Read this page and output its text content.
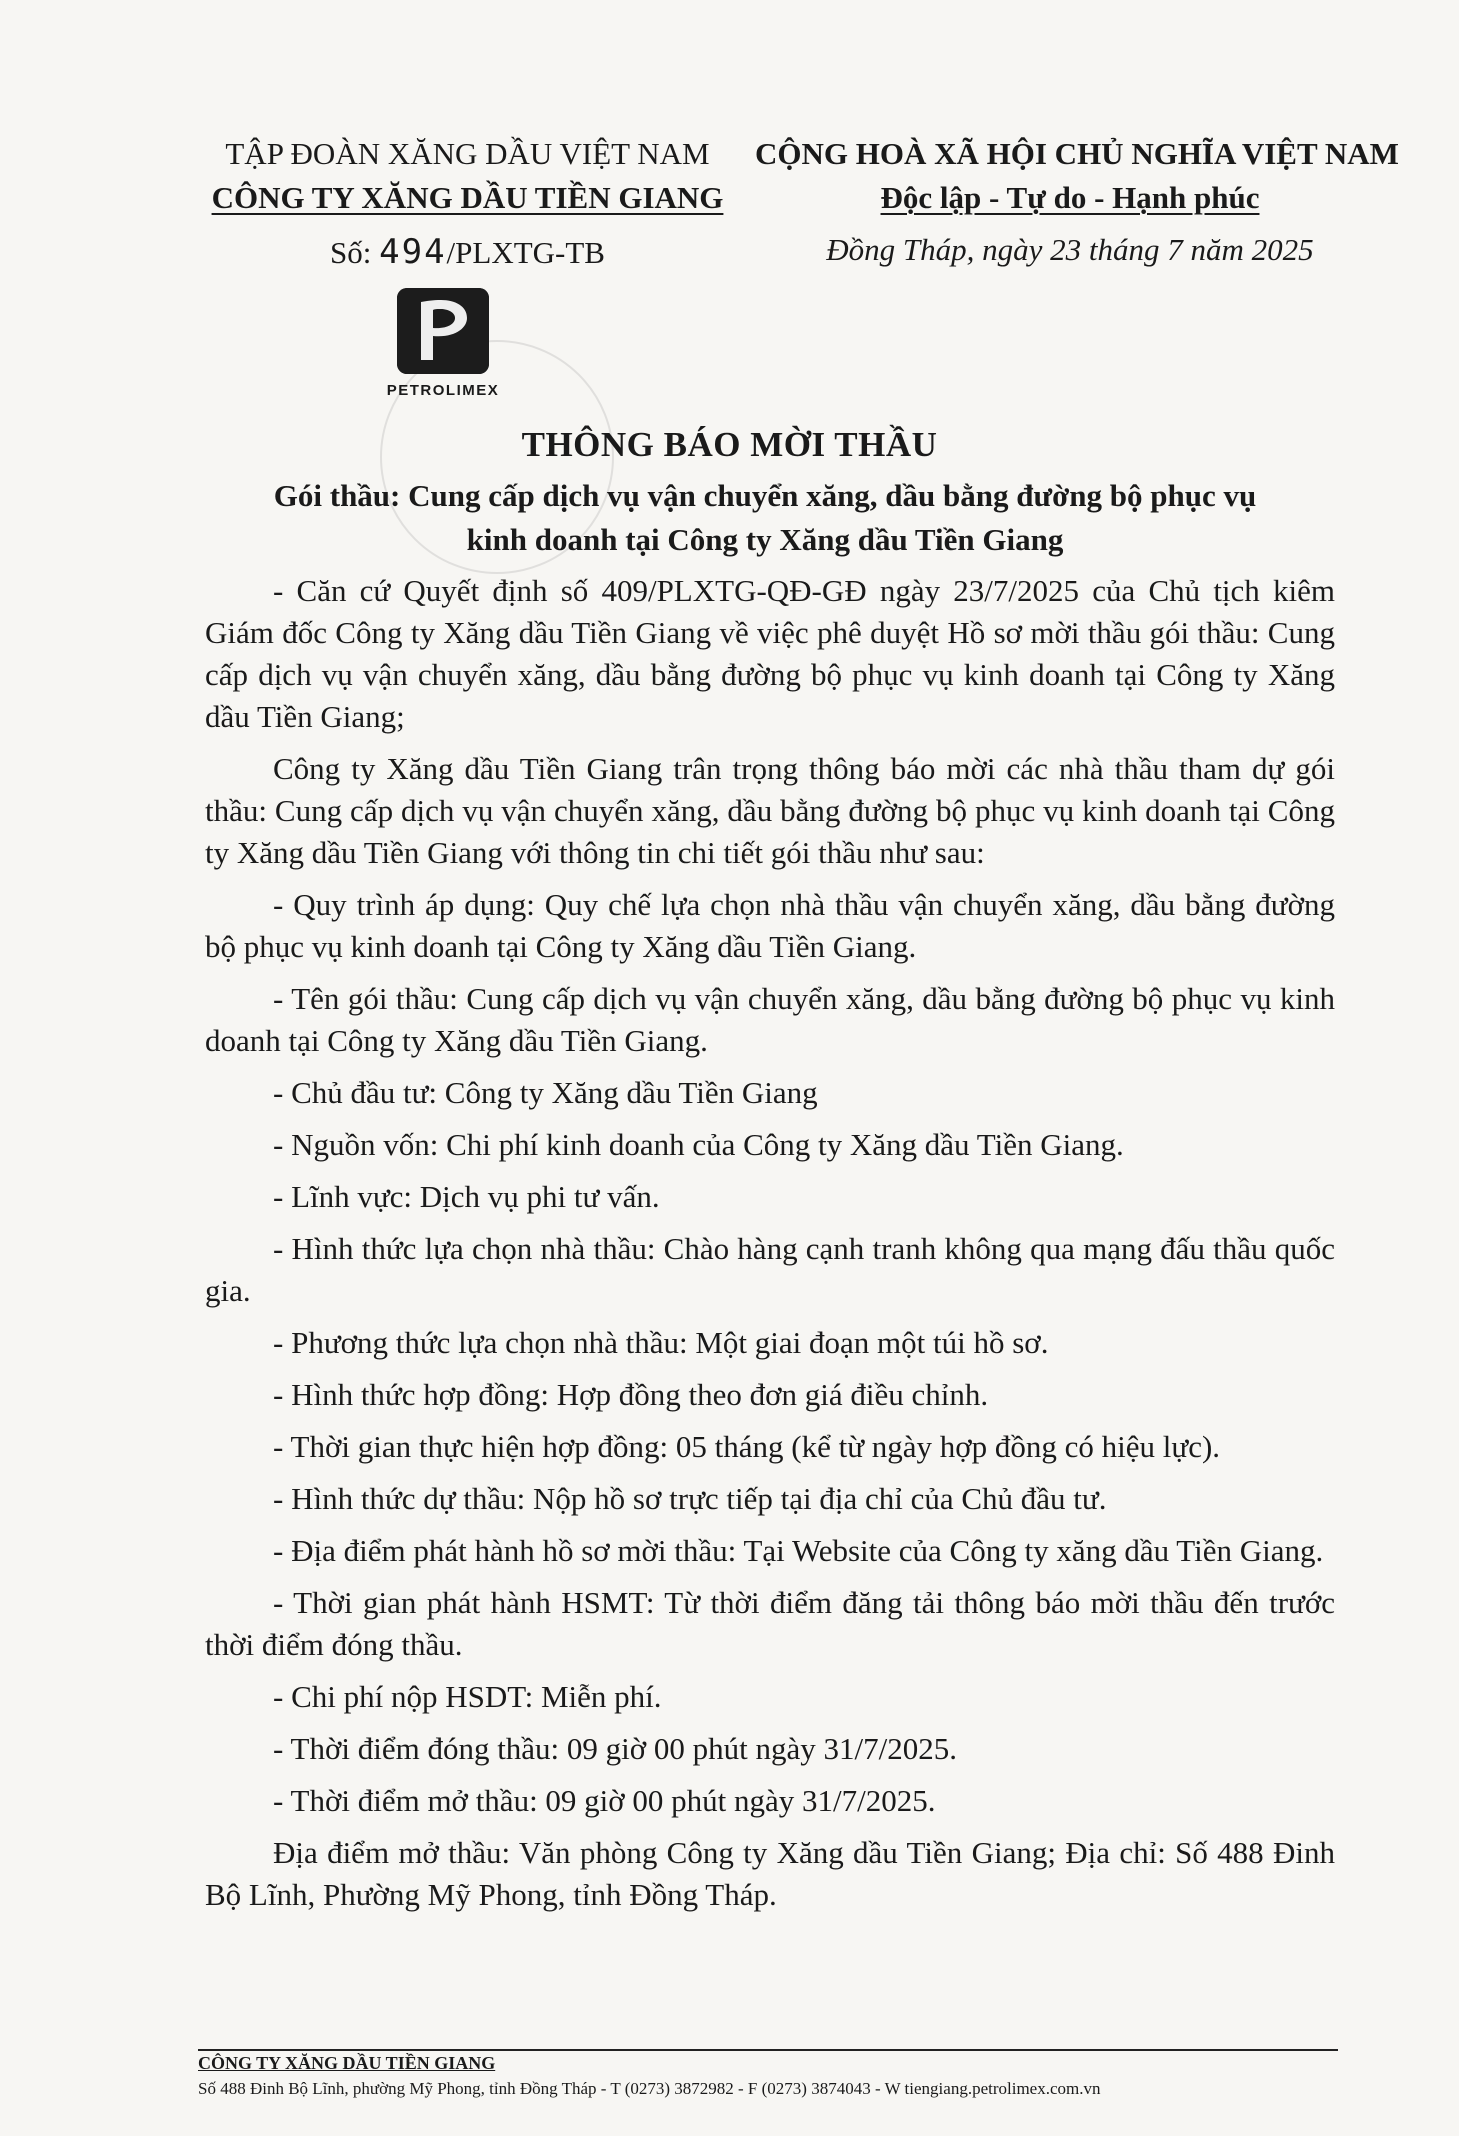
TẬP ĐOÀN XĂNG DẦU VIỆT NAM
CÔNG TY XĂNG DẦU TIỀN GIANG
Số: 494/PLXTG-TB
CỘNG HOÀ XÃ HỘI CHỦ NGHĨA VIỆT NAM
Độc lập - Tự do - Hạnh phúc
Đồng Tháp, ngày 23 tháng 7 năm 2025
PETROLIMEX
THÔNG BÁO MỜI THẦU
Gói thầu: Cung cấp dịch vụ vận chuyển xăng, dầu bằng đường bộ phục vụ
kinh doanh tại Công ty Xăng dầu Tiền Giang

- Căn cứ Quyết định số 409/PLXTG-QĐ-GĐ ngày 23/7/2025 của Chủ tịch kiêm Giám đốc Công ty Xăng dầu Tiền Giang về việc phê duyệt Hồ sơ mời thầu gói thầu: Cung cấp dịch vụ vận chuyển xăng, dầu bằng đường bộ phục vụ kinh doanh tại Công ty Xăng dầu Tiền Giang;

Công ty Xăng dầu Tiền Giang trân trọng thông báo mời các nhà thầu tham dự gói thầu: Cung cấp dịch vụ vận chuyển xăng, dầu bằng đường bộ phục vụ kinh doanh tại Công ty Xăng dầu Tiền Giang với thông tin chi tiết gói thầu như sau:

- Quy trình áp dụng: Quy chế lựa chọn nhà thầu vận chuyển xăng, dầu bằng đường bộ phục vụ kinh doanh tại Công ty Xăng dầu Tiền Giang.

- Tên gói thầu: Cung cấp dịch vụ vận chuyển xăng, dầu bằng đường bộ phục vụ kinh doanh tại Công ty Xăng dầu Tiền Giang.

- Chủ đầu tư: Công ty Xăng dầu Tiền Giang

- Nguồn vốn: Chi phí kinh doanh của Công ty Xăng dầu Tiền Giang.

- Lĩnh vực: Dịch vụ phi tư vấn.

- Hình thức lựa chọn nhà thầu: Chào hàng cạnh tranh không qua mạng đấu thầu quốc gia.

- Phương thức lựa chọn nhà thầu: Một giai đoạn một túi hồ sơ.

- Hình thức hợp đồng: Hợp đồng theo đơn giá điều chỉnh.

- Thời gian thực hiện hợp đồng: 05 tháng (kể từ ngày hợp đồng có hiệu lực).

- Hình thức dự thầu: Nộp hồ sơ trực tiếp tại địa chỉ của Chủ đầu tư.

- Địa điểm phát hành hồ sơ mời thầu: Tại Website của Công ty xăng dầu Tiền Giang.

- Thời gian phát hành HSMT: Từ thời điểm đăng tải thông báo mời thầu đến trước thời điểm đóng thầu.

- Chi phí nộp HSDT: Miễn phí.

- Thời điểm đóng thầu: 09 giờ 00 phút ngày 31/7/2025.

- Thời điểm mở thầu: 09 giờ 00 phút ngày 31/7/2025.

Địa điểm mở thầu: Văn phòng Công ty Xăng dầu Tiền Giang; Địa chỉ: Số 488 Đinh Bộ Lĩnh, Phường Mỹ Phong, tỉnh Đồng Tháp.

CÔNG TY XĂNG DẦU TIỀN GIANG
Số 488 Đinh Bộ Lĩnh, phường Mỹ Phong, tỉnh Đồng Tháp - T (0273) 3872982 - F (0273) 3874043 - W tiengiang.petrolimex.com.vn
